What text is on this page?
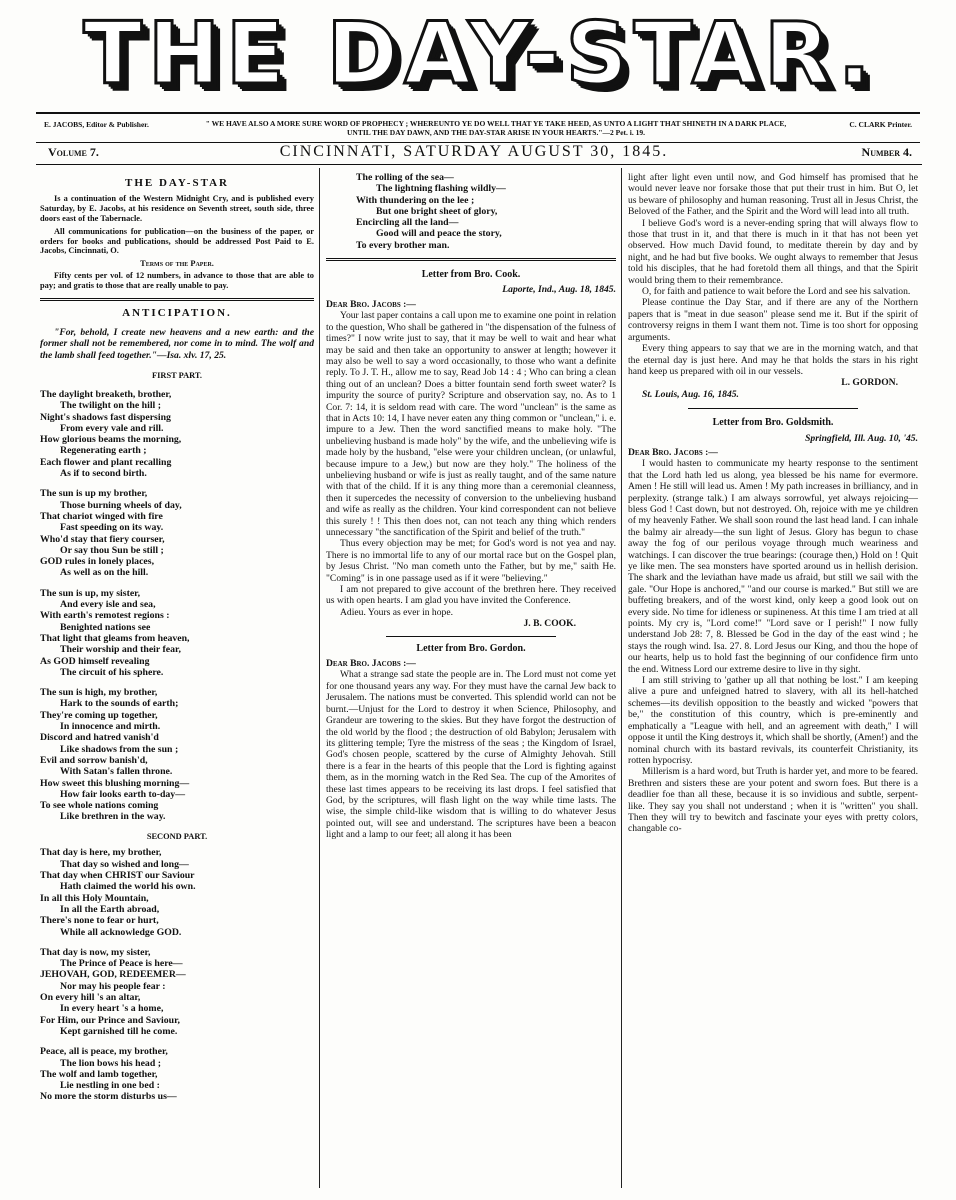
THE DAY-STAR.
E. JACOBS, Editor & Publisher.	" WE HAVE ALSO A MORE SURE WORD OF PROPHECY ; WHEREUNTO YE DO WELL THAT YE TAKE HEED, AS UNTO A LIGHT THAT SHINETH IN A DARK PLACE, UNTIL THE DAY DAWN, AND THE DAY-STAR ARISE IN YOUR HEARTS."—2 Pet. i. 19.
C. CLARK Printer.
Volume 7.	CINCINNATI, SATURDAY AUGUST 30, 1845.	Number 4.
THE DAY-STAR

Is a continuation of the Western Midnight Cry, and is published every Saturday, by E. Jacobs, at his residence on Seventh street, south side, three doors east of the Tabernacle.

All communications for publication—on the business of the paper, or orders for books and publications, should be addressed Post Paid to E. Jacobs, Cincinnati, O.

Terms of the Paper.

Fifty cents per vol. of 12 numbers, in advance to those that are able to pay; and gratis to those that are really unable to pay.

ANTICIPATION.

"For, behold, I create new heavens and a new earth: and the former shall not be remembered, nor come in to mind. The wolf and the lamb shall feed together."—Isa. xlv. 17, 25.

FIRST PART.

The daylight breaketh, brother,
The twilight on the hill ;
Night's shadows fast dispersing
From every vale and rill.
How glorious beams the morning,
Regenerating earth ;
Each flower and plant recalling
As if to second birth.
The sun is up my brother,
Those burning wheels of day,
That chariot winged with fire
Fast speeding on its way.
Who'd stay that fiery courser,
Or say thou Sun be still ;
GOD rules in lonely places,
As well as on the hill.
The sun is up, my sister,
And every isle and sea,
With earth's remotest regions :
Benighted nations see
That light that gleams from heaven,
Their worship and their fear,
As GOD himself revealing
The circuit of his sphere.
The sun is high, my brother,
Hark to the sounds of earth;
They're coming up together,
In innocence and mirth.
Discord and hatred vanish'd
Like shadows from the sun ;
Evil and sorrow banish'd,
With Satan's fallen throne.
How sweet this blushing morning—
How fair looks earth to-day—
To see whole nations coming
Like brethren in the way.

SECOND PART.

That day is here, my brother,
That day so wished and long—
That day when CHRIST our Saviour
Hath claimed the world his own.
In all this Holy Mountain,
In all the Earth abroad,
There's none to fear or hurt,
While all acknowledge GOD.
That day is now, my sister,
The Prince of Peace is here—
JEHOVAH, GOD, REDEEMER—
Nor may his people fear :
On every hill 's an altar,
In every heart 's a home,
For Him, our Prince and Saviour,
Kept garnished till he come.
Peace, all is peace, my brother,
The lion bows his head ;
The wolf and lamb together,
Lie nestling in one bed :
No more the storm disturbs us—
The rolling of the sea—
The lightning flashing wildly—
With thundering on the lee ;
But one bright sheet of glory,
Encircling all the land—
Good will and peace the story,
To every brother man.
Letter from Bro. Cook.

Laporte, Ind., Aug. 18, 1845.

Dear Bro. Jacobs :—

Your last paper contains a call upon me to examine one point in relation to the question, Who shall be gathered in "the dispensation of the fulness of times?" I now write just to say, that it may be well to wait and hear what may be said and then take an opportunity to answer at length; however it may also be well to say a word occasionally, to those who want a definite reply. To J. T. H., allow me to say, Read Job 14 : 4 ; Who can bring a clean thing out of an unclean? Does a bitter fountain send forth sweet water? Is impurity the source of purity? Scripture and observation say, no. As to 1 Cor. 7: 14, it is seldom read with care. The word "unclean" is the same as that in Acts 10: 14, I have never eaten any thing common or "unclean," i. e. impure to a Jew. Then the word sanctified means to make holy. "The unbelieving husband is made holy" by the wife, and the unbelieving wife is made holy by the husband, "else were your children unclean, (or unlawful, because impure to a Jew,) but now are they holy." The holiness of the unbelieving husband or wife is just as really taught, and of the same nature with that of the child. If it is any thing more than a ceremonial cleanness, then it supercedes the necessity of conversion to the unbelieving husband and wife as really as the children. Your kind correspondent can not believe this surely ! ! This then does not, can not teach any thing which renders unnecessary "the sanctification of the Spirit and belief of the truth."

Thus every objection may be met; for God's word is not yea and nay. There is no immortal life to any of our mortal race but on the Gospel plan, by Jesus Christ. "No man cometh unto the Father, but by me," saith He. "Coming" is in one passage used as if it were "believing."

I am not prepared to give account of the brethren here. They received us with open hearts. I am glad you have invited the Conference.

Adieu. Yours as ever in hope.

J. B. COOK.

Letter from Bro. Gordon.

Dear Bro. Jacobs :—

What a strange sad state the people are in. The Lord must not come yet for one thousand years any way. For they must have the carnal Jew back to Jerusalem. The nations must be converted. This splendid world can not be burnt.—Unjust for the Lord to destroy it when Science, Philosophy, and Grandeur are towering to the skies. But they have forgot the destruction of the old world by the flood ; the destruction of old Babylon; Jerusalem with its glittering temple; Tyre the mistress of the seas ; the Kingdom of Israel, God's chosen people, scattered by the curse of Almighty Jehovah. Still there is a fear in the hearts of this people that the Lord is fighting against them, as in the morning watch in the Red Sea. The cup of the Amorites of these last times appears to be receiving its last drops. I feel satisfied that God, by the scriptures, will flash light on the way while time lasts. The wise, the simple child-like wisdom that is willing to do whatever Jesus pointed out, will see and understand. The scriptures have been a beacon light and a lamp to our feet; all along it has been

light after light even until now, and God himself has promised that he would never leave nor forsake those that put their trust in him. But O, let us beware of philosophy and human reasoning. Trust all in Jesus Christ, the Beloved of the Father, and the Spirit and the Word will lead into all truth.

I believe God's word is a never-ending spring that will always flow to those that trust in it, and that there is much in it that has not been yet observed. How much David found, to meditate therein by day and by night, and he had but five books. We ought always to remember that Jesus told his disciples, that he had foretold them all things, and that the Spirit would bring them to their remembrance.

O, for faith and patience to wait before the Lord and see his salvation.

Please continue the Day Star, and if there are any of the Northern papers that is "meat in due season" please send me it. But if the spirit of controversy reigns in them I want them not. Time is too short for opposing arguments.

Every thing appears to say that we are in the morning watch, and that the eternal day is just here. And may he that holds the stars in his right hand keep us prepared with oil in our vessels.

L. GORDON.

St. Louis, Aug. 16, 1845.

Letter from Bro. Goldsmith.

Springfield, Ill. Aug. 10, '45.

Dear Bro. Jacobs :—

I would hasten to communicate my hearty response to the sentiment that the Lord hath led us along, yea blessed be his name for evermore. Amen ! He still will lead us. Amen ! My path increases in brilliancy, and in perplexity. (strange talk.) I am always sorrowful, yet always rejoicing—bless God ! Cast down, but not destroyed. Oh, rejoice with me ye children of my heavenly Father. We shall soon round the last head land. I can inhale the balmy air already—the sun light of Jesus. Glory has begun to chase away the fog of our perilous voyage through much weariness and watchings. I can discover the true bearings: (courage then,) Hold on ! Quit ye like men. The sea monsters have sported around us in hellish derision. The shark and the leviathan have made us afraid, but still we sail with the gale. "Our Hope is anchored," "and our course is marked." But still we are buffeting breakers, and of the worst kind, only keep a good look out on every side. No time for idleness or supineness. At this time I am tried at all points. My cry is, "Lord come!" "Lord save or I perish!" I now fully understand Job 28: 7, 8. Blessed be God in the day of the east wind ; he stays the rough wind. Isa. 27. 8. Lord Jesus our King, and thou the hope of our hearts, help us to hold fast the beginning of our confidence firm unto the end. Witness Lord our extreme desire to live in thy sight.

I am still striving to 'gather up all that nothing be lost." I am keeping alive a pure and unfeigned hatred to slavery, with all its hell-hatched schemes—its devilish opposition to the beastly and wicked "powers that be," the constitution of this country, which is pre-eminently and emphatically a "League with hell, and an agreement with death," I will oppose it until the King destroys it, which shall be shortly, (Amen!) and the nominal church with its bastard revivals, its counterfeit Christianity, its rotten hypocrisy.

Millerism is a hard word, but Truth is harder yet, and more to be feared. Brethren and sisters these are your potent and sworn foes. But there is a deadlier foe than all these, because it is so invidious and subtle, serpent-like. They say you shall not understand ; when it is "written" you shall. Then they will try to bewitch and fascinate your eyes with pretty colors, changable co-
